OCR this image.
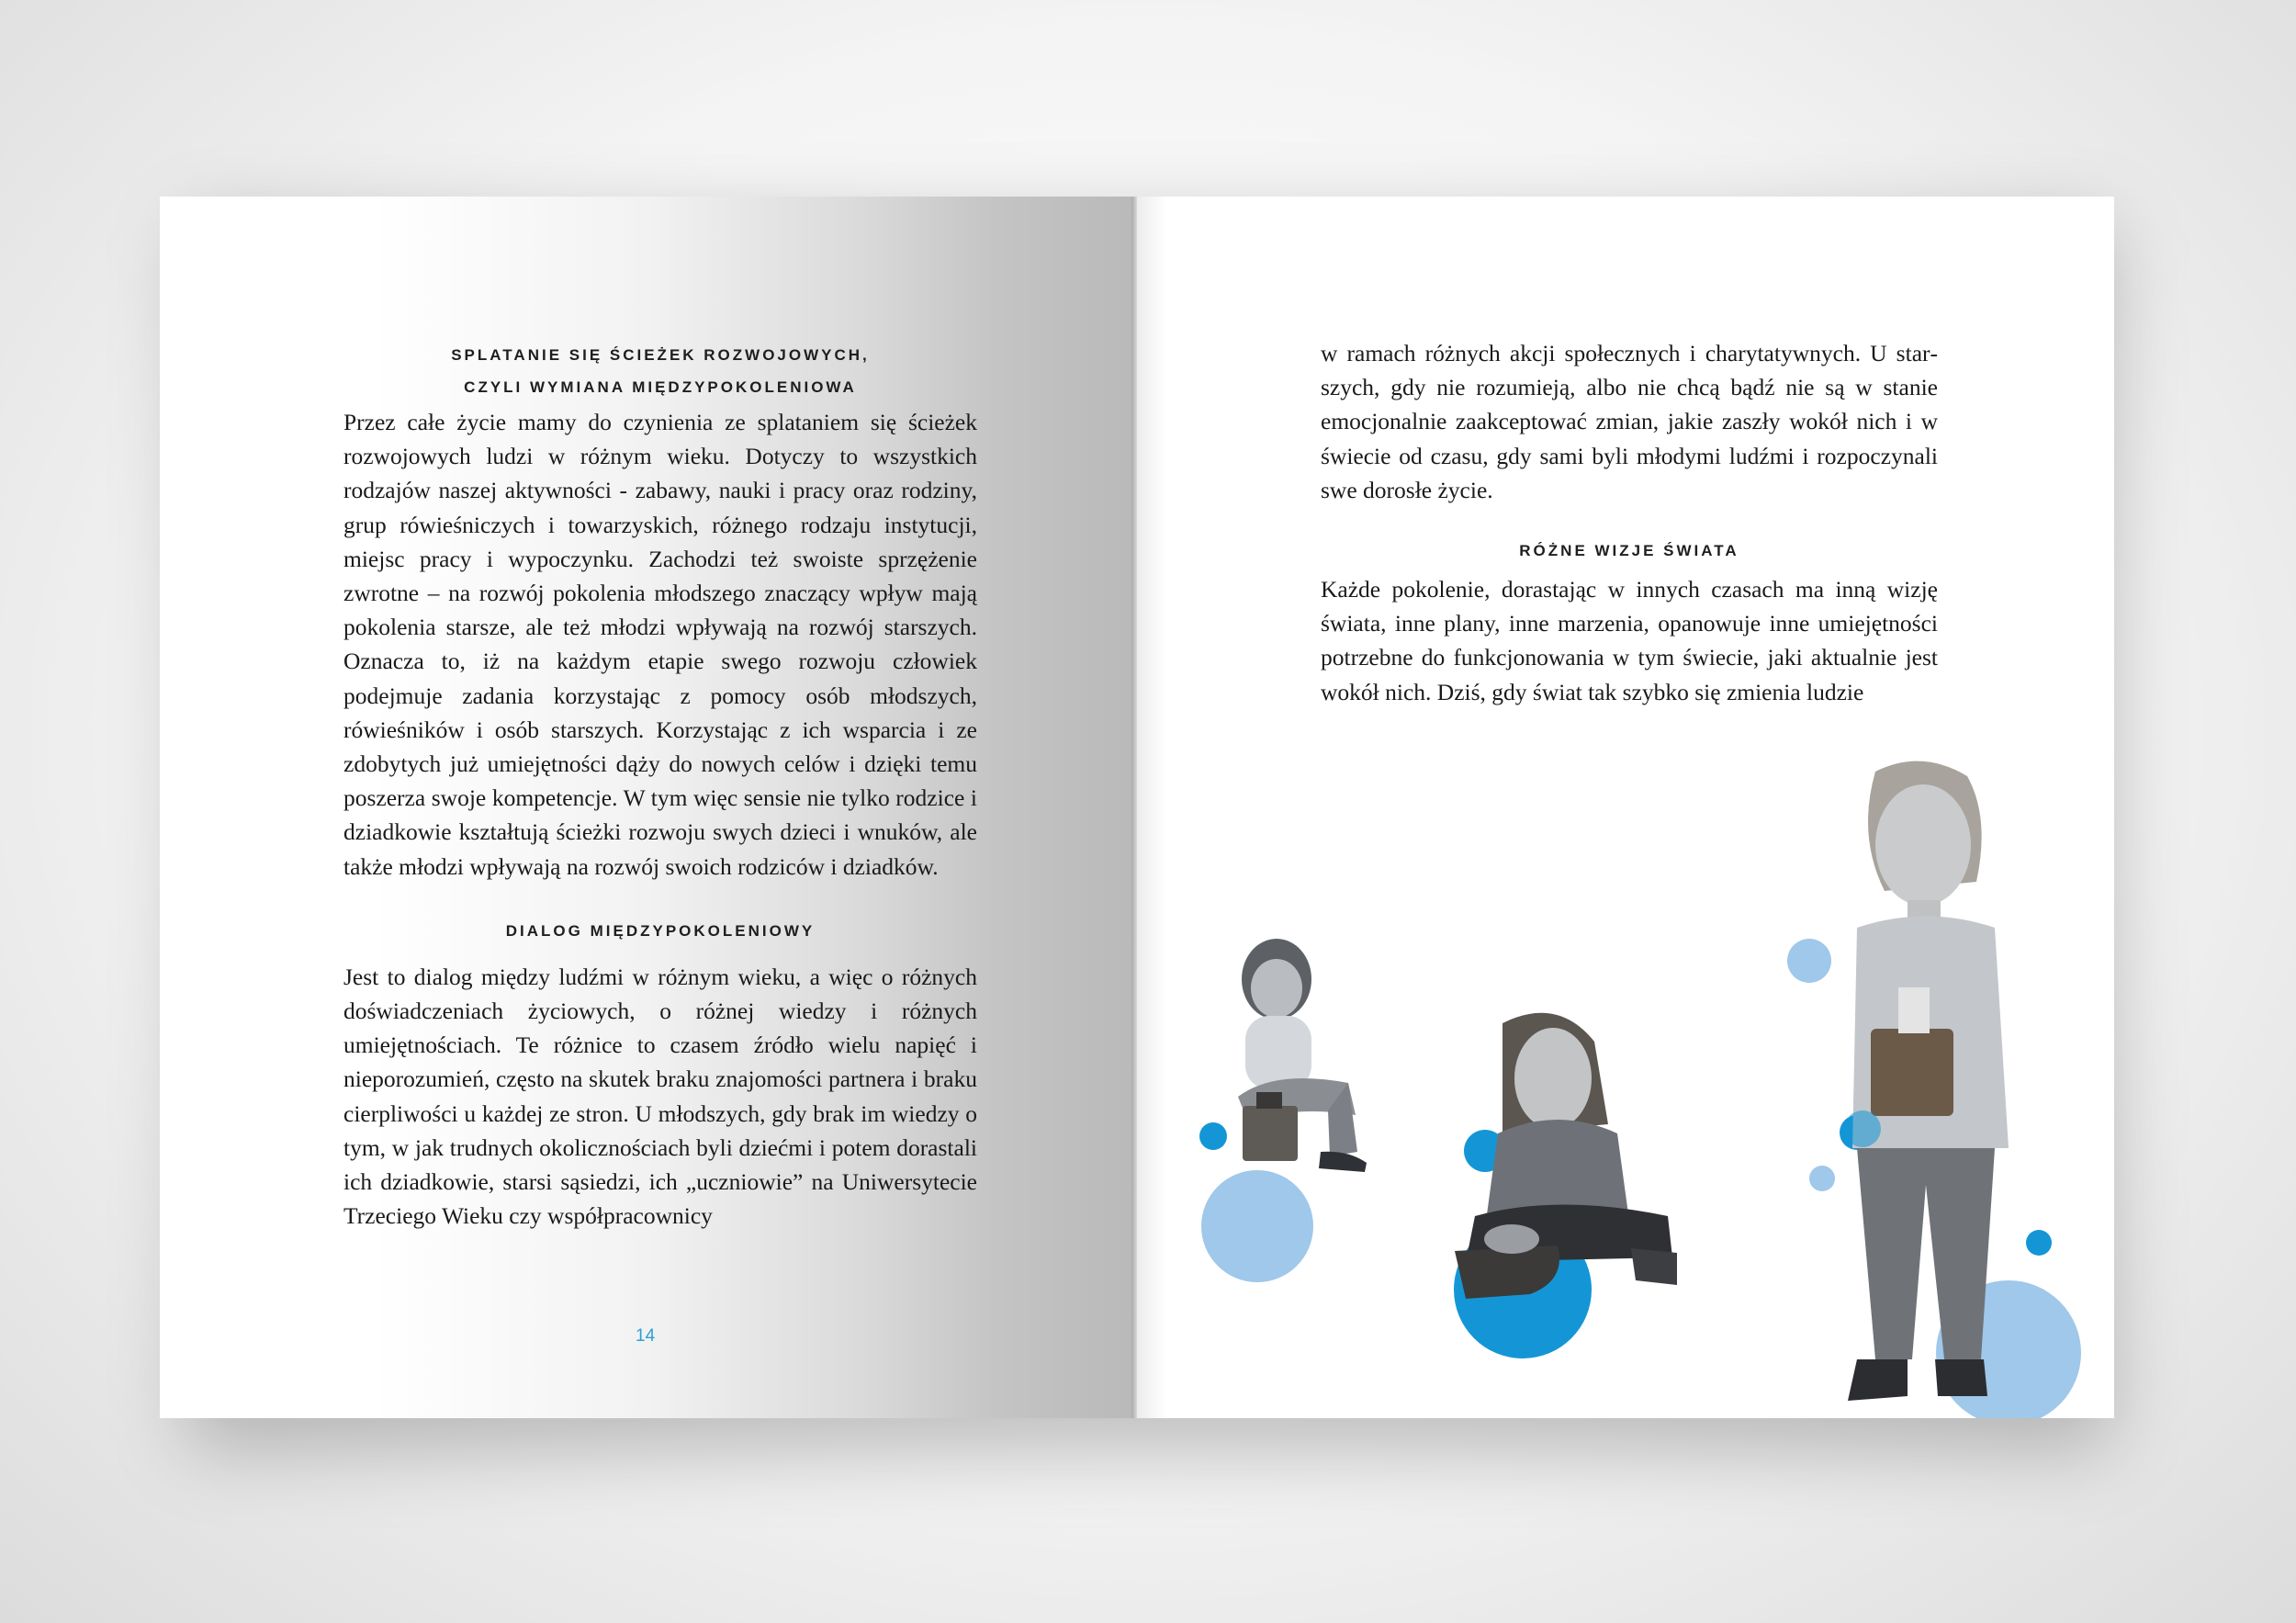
SPLATANIE SIĘ ŚCIEŻEK ROZWOJOWYCH,
CZYLI WYMIANA MIĘDZYPOKOLENIOWA

Przez całe życie mamy do czynienia ze splataniem się ścieżek rozwojowych ludzi w różnym wieku. Dotyczy to wszystkich rodzajów naszej aktywności - zabawy, nauki i pracy oraz rodziny, grup rówieśniczych i towarzyskich, różnego rodzaju instytucji, miejsc pracy i wypoczynku. Zachodzi też swoiste sprzężenie zwrotne – na rozwój pokolenia młodszego znaczący wpływ mają pokolenia starsze, ale też młodzi wpływają na rozwój starszych. Oznacza to, iż na każdym etapie swego rozwoju człowiek podejmuje zadania korzystając z pomocy osób młodszych, rówieśników i osób starszych. Korzystając z ich wsparcia i ze zdobytych już umiejętności dąży do nowych celów i dzięki temu poszerza swoje kompetencje. W tym więc sensie nie tylko rodzice i dziadkowie kształtują ścieżki rozwoju swych dzieci i wnuków, ale także młodzi wpływają na rozwój swoich rodziców i dziadków.

DIALOG MIĘDZYPOKOLENIOWY

Jest to dialog między ludźmi w różnym wieku, a więc o różnych doświadczeniach życiowych, o różnej wiedzy i różnych umiejętnościach. Te różnice to czasem źródło wielu napięć i nieporozumień, często na skutek braku znajomości partnera i braku cierpliwości u każdej ze stron. U młodszych, gdy brak im wiedzy o tym, w jak trudnych okolicznościach byli dziećmi i potem dorastali ich dziadkowie, starsi sąsiedzi, ich „uczniowie” na Uniwersytecie Trzeciego Wieku czy współpracownicy

14

w ramach różnych akcji społecznych i charytatywnych. U starszych, gdy nie rozumieją, albo nie chcą bądź nie są w stanie emocjonalnie zaakceptować zmian, jakie zaszły wokół nich i w świecie od czasu, gdy sami byli młodymi ludźmi i rozpoczynali swe dorosłe życie.

RÓŻNE WIZJE ŚWIATA

Każde pokolenie, dorastając w innych czasach ma inną wizję świata, inne plany, inne marzenia, opanowuje inne umiejętności potrzebne do funkcjonowania w tym świecie, jaki aktualnie jest wokół nich. Dziś, gdy świat tak szybko się zmienia ludzie
